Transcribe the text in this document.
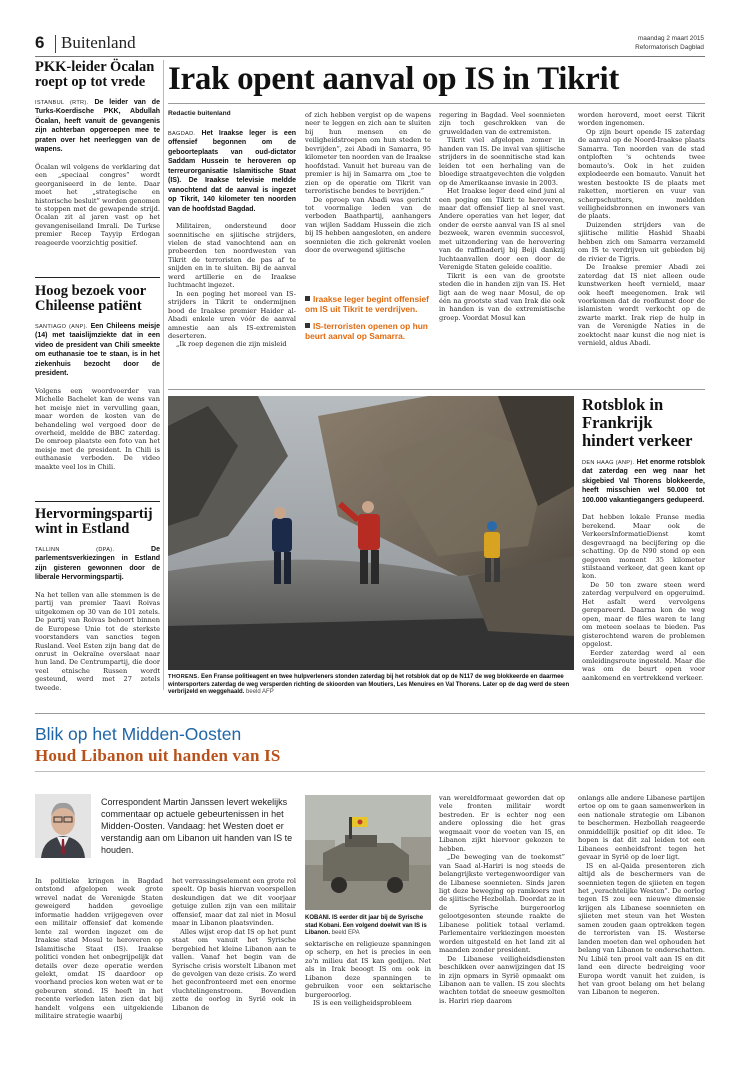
6 Buitenland	maandag 2 maart 2015
Reformatorisch Dagblad
PKK-leider Öcalan roept op tot vrede

ISTANBUL (RTR). De leider van de Turks-Koerdische PKK, Abdullah Öcalan, heeft vanuit de gevangenis zijn achterban opgeroepen mee te praten over het neerleggen van de wapens.

Öcalan wil volgens de verklaring dat een „speciaal congres” wordt georganiseerd in de lente. Daar moet het „strategische en historische besluit” worden genomen te stoppen met de gewapende strijd. Öcalan zit al jaren vast op het gevangeniseiland Imrali. De Turkse premier Recep Tayyip Erdogan reageerde voorzichtig positief.

Hoog bezoek voor Chileense patiënt

SANTIAGO (ANP). Een Chileens meisje (14) met taaislijmziekte dat in een video de president van Chili smeekte om euthanasie toe te staan, is in het ziekenhuis bezocht door de president.

Volgens een woordvoerder van Michelle Bachelet kan de wens van het meisje niet in vervulling gaan, maar worden de kosten van de behandeling wel vergoed door de overheid, meldde de BBC zaterdag. De omroep plaatste een foto van het meisje met de president. In Chili is euthanasie verboden. De video maakte veel los in Chili.

Hervormingspartij wint in Estland

TALLINN (DPA).	De parlementsverkiezingen in Estland zijn gisteren gewonnen door de liberale Hervormingspartij.

Na het tellen van alle stemmen is de partij van premier Taavi Roivas uitgekomen op 30 van de 101 zetels. De partij van Roivas behoort binnen de Europese Unie tot de sterkste voorstanders van sancties tegen Rusland. Veel Esten zijn bang dat de onrust in Oekraïne overslaat naar hun land. De Centrumpartij, die door veel etnische Russen wordt gesteund, werd met 27 zetels tweede.

Irak opent aanval op IS in Tikrit
Redactie buitenland

BAGDAD. Het Iraakse leger is een offensief begonnen om de geboorteplaats van oud-dictator Saddam Hussein te heroveren op terreurorganisatie Islamitische Staat (IS). De Iraakse televisie meldde vanochtend dat de aanval is ingezet op Tikrit, 140 kilometer ten noorden van de hoofdstad Bagdad.

Militairen, ondersteund door soennitische en sjiitische strijders, vielen de stad vanochtend aan en probeerden ten noordwesten van Tikrit de terroristen de pas af te snijden en in te sluiten. Bij de aanval werd artillerie en de Iraakse luchtmacht ingezet.

In een poging het moreel van IS-strijders in Tikrit te ondermijnen bood de Iraakse premier Haider al-Abadi enkele uren vóór de aanval amnestie aan als IS-extremisten deserteren.

„Ik roep degenen die zijn misleid

of zich hebben vergist op de wapens neer te leggen en zich aan te sluiten bij hun mensen en de veiligheidstroepen om hun steden te bevrijden”, zei Abadi in Samarra, 95 kilometer ten noorden van de Iraakse hoofdstad. Vanuit het bureau van de premier is hij in Samarra om „toe te zien op de operatie om Tikrit van terroristische bendes te bevrijden.”

De oproep van Abadi was gericht tot voormalige leden van de verboden Baathpartij, aanhangers van wijlen Saddam Hussein die zich bij IS hebben aangesloten, en andere soennieten die zich gekrenkt voelen door de overwegend sjiitische

Iraakse leger begint offensief om IS uit Tikrit te verdrijven.
IS-terroristen openen op hun beurt aanval op Samarra.

regering in Bagdad. Veel soennieten zijn toch geschrokken van de gruweldaden van de extremisten.

Tikrit viel afgelopen zomer in handen van IS. De inval van sjiitische strijders in de soennitische stad kan leiden tot een herhaling van de bloedige straatgevechten die volgden op de Amerikaanse invasie in 2003.

Het Iraakse leger deed eind juni al een poging om Tikrit te heroveren, maar dat offensief liep al snel vast. Andere operaties van het leger, dat onder de eerste aanval van IS al snel bezweek, waren evenmin succesvol, met uitzondering van de herovering van de raffinaderij bij Beiji dankzij luchtaanvallen door een door de Verenigde Staten geleide coalitie.

Tikrit is een van de grootste steden die in handen zijn van IS. Het ligt aan de weg naar Mosul, de op één na grootste stad van Irak die ook in handen is van de extremistische groep. Voordat Mosul kan

worden heroverd, moet eerst Tikrit worden ingenomen.

Op zijn beurt opende IS zaterdag de aanval op de Noord-Iraakse plaats Samarra. Ten noorden van de stad ontploften 's ochtends twee bomauto's. Ook in het zuiden explodeerde een bomauto. Vanuit het westen bestookte IS de plaats met raketten, mortieren en vuur van scherpschutters, meldden veiligheidsbronnen en inwoners van de plaats.

Duizenden strijders van de sjiitische militie Hashid Shaabi hebben zich om Samarra verzameld om IS te verdrijven uit gebieden bij de rivier de Tigris.

De Iraakse premier Abadi zei zaterdag dat IS niet alleen oude kunstwerken heeft vernield, maar ook heeft meegenomen. Irak wil voorkomen dat de roofkunst door de islamisten wordt verkocht op de zwarte markt. Irak riep de hulp in van de Verenigde Naties in de zoektocht naar kunst die nog niet is vernield, aldus Abadi.

THORENS. Een Franse politieagent en twee hulpverleners stonden zaterdag bij het rotsblok dat op de N117 de weg blokkeerde en daarmee wintersporters zaterdag de weg versperden richting de skioorden van Moutiers, Les Menuires en Val Thorens. Later op de dag werd de steen verbrijzeld en weggehaald. beeld AFP
Rotsblok in Frankrijk hindert verkeer

DEN HAAG (ANP). Het enorme rotsblok dat zaterdag een weg naar het skigebied Val Thorens blokkeerde, heeft misschien wel 50.000 tot 100.000 vakantiegangers gedupeerd.

Dat hebben lokale Franse media berekend. Maar ook de VerkeersInformatieDienst komt desgevraagd na becijfering op die schatting. Op de N90 stond op een gegeven moment 35 kilometer stilstaand verkeer, dat geen kant op kon.

De 50 ton zware steen werd zaterdag verpulverd en opgeruimd. Het asfalt werd vervolgens gerepareerd. Daarna kon de weg open, maar de files waren te lang om meteen soelaas te bieden. Pas gisterochtend waren de problemen opgelost.

Eerder zaterdag werd al een omleidingsroute ingesteld. Maar die was om de beurt open voor aankomend en vertrekkend verkeer.

Blik op het Midden-Oosten
Houd Libanon uit handen van IS
Correspondent Martin Janssen levert wekelijks commentaar op actuele gebeurtenissen in het Midden-Oosten. Vandaag: het Westen doet er verstandig aan om Libanon uit handen van IS te houden.

In politieke kringen in Bagdad ontstond afgelopen week grote wrevel nadat de Verenigde Staten geweigerd hadden gevoelige informatie hadden vrijgegeven over een militair offensief dat komende lente zal worden ingezet om de Iraakse stad Mosul te heroveren op Islamitische Staat (IS). Iraakse politici vonden het onbegrijpelijk dat details over deze operatie werden gelekt, omdat IS daardoor op voorhand precies kon weten wat er te gebeuren stond. IS heeft in het recente verleden laten zien dat bij handelt volgens een uitgekiende militaire strategie waarbij

het verrassingselement een grote rol speelt. Op basis hiervan voorspellen deskundigen dat we dit voorjaar getuige zullen zijn van een militair offensief, maar dat zal niet in Mosul maar in Libanon plaatsvinden.

Alles wijst erop dat IS op het punt staat om vanuit het Syrische bergebied het kleine Libanon aan te vallen. Vanaf het begin van de Syrische crisis worstelt Libanon met de gevolgen van deze crisis. Zo werd het geconfronteerd met een enorme vluchtelingenstroom. Bovendien zette de oorlog in Syrië ook in Libanon de

KOBANI. IS eerder dit jaar bij de Syrische stad Kobani. Een volgend doelwit van IS is Libanon. beeld EPA

sektarische en religieuze spanningen op scherp, en het is precies in een zo'n milieu dat IS kan gedijen. Net als in Irak beoogt IS om ook in Libanon deze spanningen te gebruiken voor een sektarische burgeroorlog.

IS is een veiligheidsprobleem

van wereldformaat geworden dat op vele fronten militair wordt bestreden. Er is echter nog een andere oplossing die het gras wegmaait voor de voeten van IS, en Libanon zijkt hiervoor gekozen te hebben.

„De beweging van de toekomst” van Saad al-Hariri is nog steeds de belangrijkste vertegenwoordiger van de Libanese soennieten. Sinds jaren ligt deze beweging op ramkoers met de sjiitische Hezbollah. Doordat ze in de Syrische burgeroorlog gelootgesonten steunde raakte de Libanese politiek totaal verlamd. Parlementaire verkiezingen moesten worden uitgesteld en het land zit al maanden zonder president.

De Libanese veiligheidsdiensten beschikken over aanwijzingen dat IS in zijn opmars in Syrië opmaakt om Libanon aan te vallen. IS zou slechts wachten totdat de sneeuw gesmolten is. Hariri riep daarom

onlangs alle andere Libanese partijen ertoe op om te gaan samenwerken in een nationale strategie om Libanon te beschermen. Hezbollah reageerde onmiddellijk positief op dit idee. Te hopen is dat dit zal leiden tot een Libanees eenheidsfront tegen het gevaar in Syrië op de loer ligt.

IS en al-Qaida presenteren zich altijd als de beschermers van de soennieten tegen de sjiieten en tegen het „verachtelijke Westen”. De oorlog tegen IS zou een nieuwe dimensie krijgen als Libanese soennieten en sjiieten met steun van het Westen samen zouden gaan optrekken tegen de terroristen van IS. Westerse landen moeten dan wel ophouden het belang van Libanon te onderschatten. Nu Libië ten prooi valt aan IS en dit land een directe bedreiging voor Europa wordt vanuit het zuiden, is het van groot belang om het belang van Libanon te negeren.
